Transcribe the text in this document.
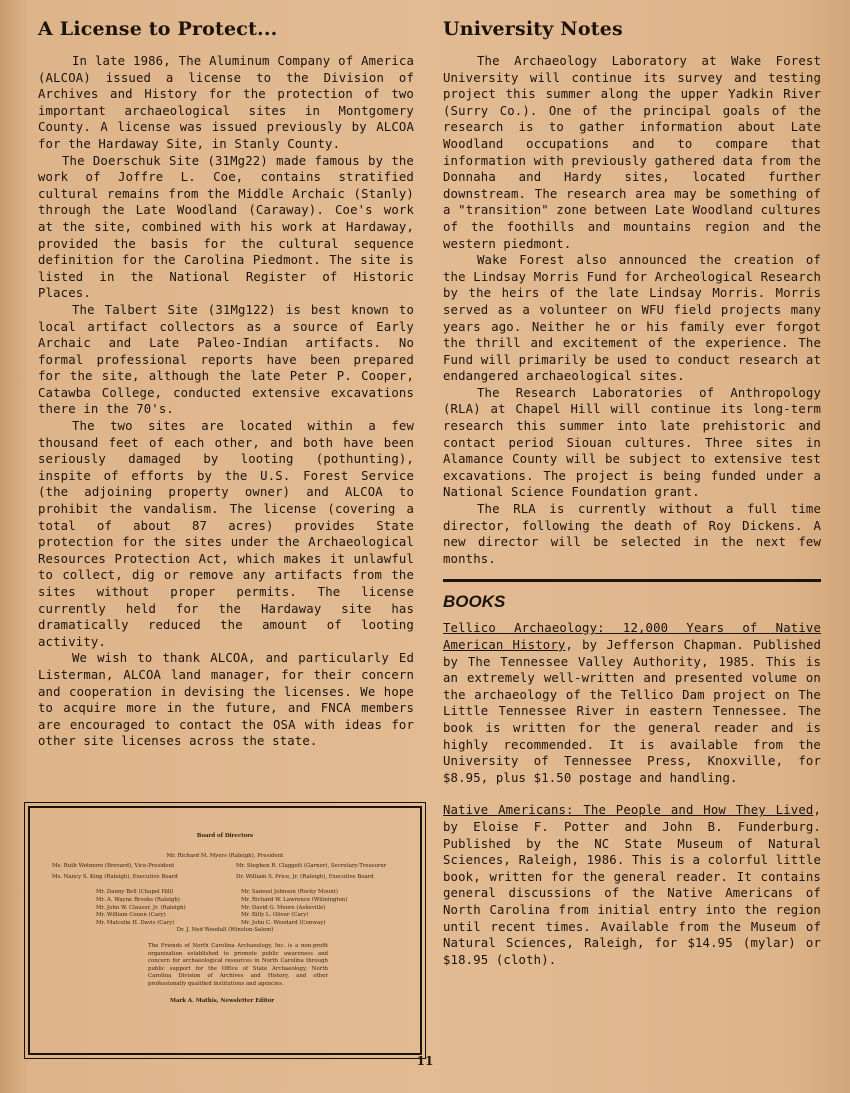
A License to Protect...

In late 1986, The Aluminum Company of America (ALCOA) issued a license to the Division of Archives and History for the protection of two important archaeological sites in Montgomery County. A license was issued previously by ALCOA for the Hardaway Site, in Stanly County.

The Doerschuk Site (31Mg22) made famous by the work of Joffre L. Coe, contains stratified cultural remains from the Middle Archaic (Stanly) through the Late Woodland (Caraway). Coe's work at the site, combined with his work at Hardaway, provided the basis for the cultural sequence definition for the Carolina Piedmont. The site is listed in the National Register of Historic Places.

The Talbert Site (31Mg122) is best known to local artifact collectors as a source of Early Archaic and Late Paleo-Indian artifacts. No formal professional reports have been prepared for the site, although the late Peter P. Cooper, Catawba College, conducted extensive excavations there in the 70's.

The two sites are located within a few thousand feet of each other, and both have been seriously damaged by looting (pothunting), inspite of efforts by the U.S. Forest Service (the adjoining property owner) and ALCOA to prohibit the vandalism. The license (covering a total of about 87 acres) provides State protection for the sites under the Archaeological Resources Protection Act, which makes it unlawful to collect, dig or remove any artifacts from the sites without proper permits. The license currently held for the Hardaway site has dramatically reduced the amount of looting activity.

We wish to thank ALCOA, and particularly Ed Listerman, ALCOA land manager, for their concern and cooperation in devising the licenses. We hope to acquire more in the future, and FNCA members are encouraged to contact the OSA with ideas for other site licenses across the state.

Board of Directors
Mr. Richard M. Myers (Raleigh), President
Ms. Ruth Wetmore (Brevard), Vice-President	Mr. Stephen R. Claggett (Garner), Secretary-Treasurer
Ms. Nancy S. King (Raleigh), Executive Board	Dr. William S. Price, Jr. (Raleigh), Executive Board
Mr. Danny Bell (Chapel Hill)
Mr. A. Wayne Brooks (Raleigh)
Mr. John W. Clauser, Jr. (Raleigh)
Mr. William Conen (Cary)
Mr. Malcolm H. Davis (Cary)
Mr. Samuel Johnson (Rocky Mount)
Mr. Richard W. Lawrence (Wilmington)
Mr. David G. Moore (Asheville)
Mr. Billy L. Oliver (Cary)
Mr. John C. Woodard (Conway)
Dr. J. Ned Woodall (Winston-Salem)
The Friends of North Carolina Archaeology, Inc. is a non-profit organization established to promote public awareness and concern for archaeological resources in North Carolina through public support for the Office of State Archaeology, North Carolina Division of Archives and History, and other professionally qualified institutions and agencies.
Mark A. Mathis, Newsletter Editor
University Notes

The Archaeology Laboratory at Wake Forest University will continue its survey and testing project this summer along the upper Yadkin River (Surry Co.). One of the principal goals of the research is to gather information about Late Woodland occupations and to compare that information with previously gathered data from the Donnaha and Hardy sites, located further downstream. The research area may be something of a "transition" zone between Late Woodland cultures of the foothills and mountains region and the western piedmont.

Wake Forest also announced the creation of the Lindsay Morris Fund for Archeological Research by the heirs of the late Lindsay Morris. Morris served as a volunteer on WFU field projects many years ago. Neither he or his family ever forgot the thrill and excitement of the experience. The Fund will primarily be used to conduct research at endangered archaeological sites.

The Research Laboratories of Anthropology (RLA) at Chapel Hill will continue its long-term research this summer into late prehistoric and contact period Siouan cultures. Three sites in Alamance County will be subject to extensive test excavations. The project is being funded under a National Science Foundation grant.

The RLA is currently without a full time director, following the death of Roy Dickens. A new director will be selected in the next few months.

BOOKS
Tellico Archaeology: 12,000 Years of Native American History, by Jefferson Chapman. Published by The Tennessee Valley Authority, 1985. This is an extremely well-written and presented volume on the archaeology of the Tellico Dam project on The Little Tennessee River in eastern Tennessee. The book is written for the general reader and is highly recommended. It is available from the University of Tennessee Press, Knoxville, for $8.95, plus $1.50 postage and handling.
Native Americans: The People and How They Lived, by Eloise F. Potter and John B. Funderburg. Published by the NC State Museum of Natural Sciences, Raleigh, 1986. This is a colorful little book, written for the general reader. It contains general discussions of the Native Americans of North Carolina from initial entry into the region until recent times. Available from the Museum of Natural Sciences, Raleigh, for $14.95 (mylar) or $18.95 (cloth).
11
